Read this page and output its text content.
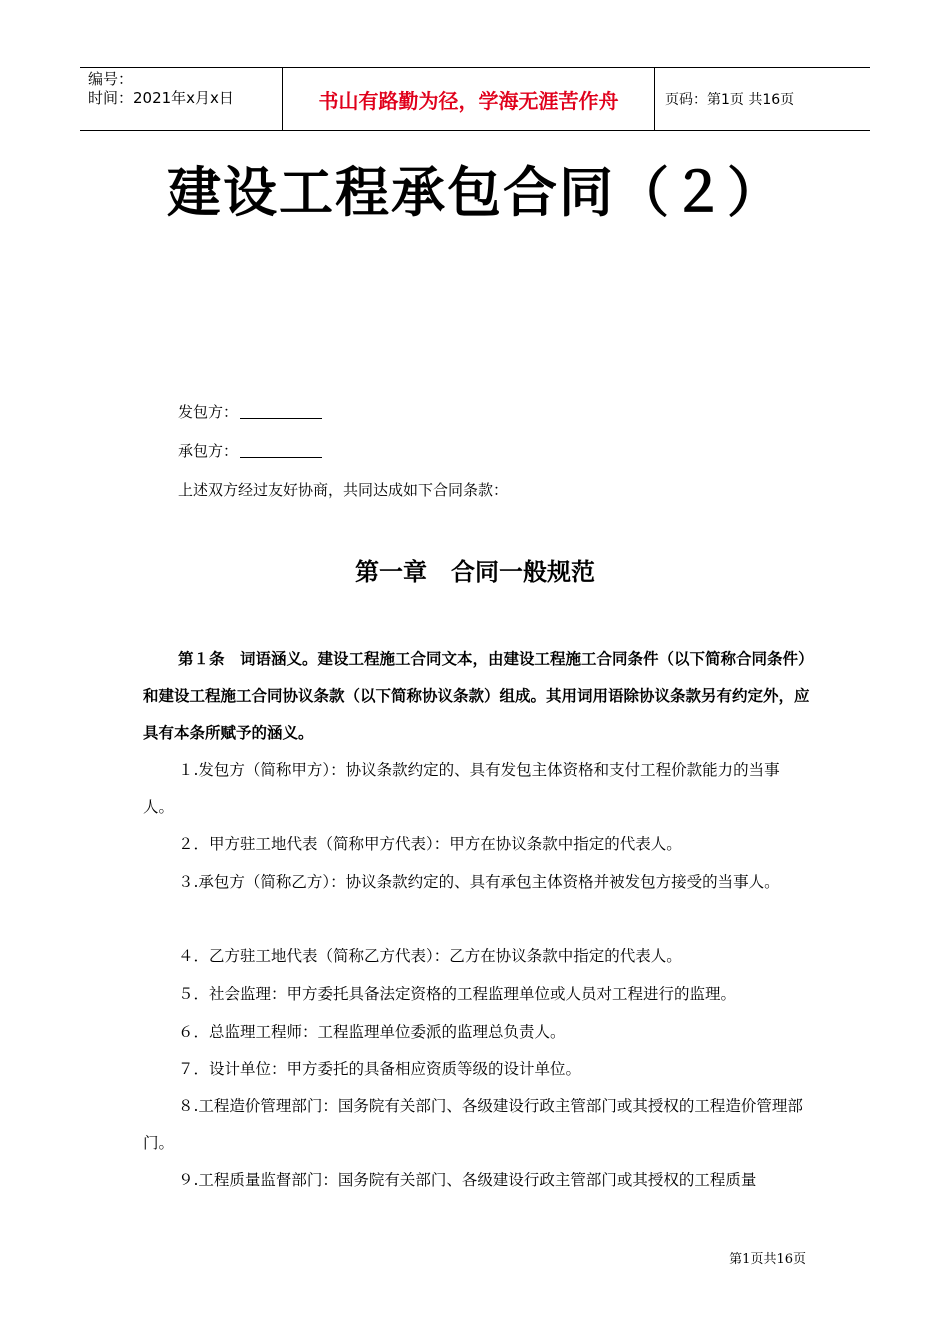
编号：
时间：2021年x月x日	书山有路勤为径，学海无涯苦作舟	页码：第1页 共16页
建设工程承包合同（２）
发包方：
承包方：
上述双方经过友好协商，共同达成如下合同条款：
第一章　合同一般规范

第１条　词语涵义。建设工程施工合同文本，由建设工程施工合同条件（以下简称合同条件）和建设工程施工合同协议条款（以下简称协议条款）组成。其用词用语除协议条款另有约定外，应具有本条所赋予的涵义。

１.发包方（简称甲方）：协议条款约定的、具有发包主体资格和支付工程价款能力的当事人。

２．甲方驻工地代表（简称甲方代表）：甲方在协议条款中指定的代表人。

３.承包方（简称乙方）：协议条款约定的、具有承包主体资格并被发包方接受的当事人。

４．乙方驻工地代表（简称乙方代表）：乙方在协议条款中指定的代表人。

５．社会监理：甲方委托具备法定资格的工程监理单位或人员对工程进行的监理。

６．总监理工程师：工程监理单位委派的监理总负责人。

７．设计单位：甲方委托的具备相应资质等级的设计单位。

８.工程造价管理部门：国务院有关部门、各级建设行政主管部门或其授权的工程造价管理部门。

９.工程质量监督部门：国务院有关部门、各级建设行政主管部门或其授权的工程质量

第1页共16页
